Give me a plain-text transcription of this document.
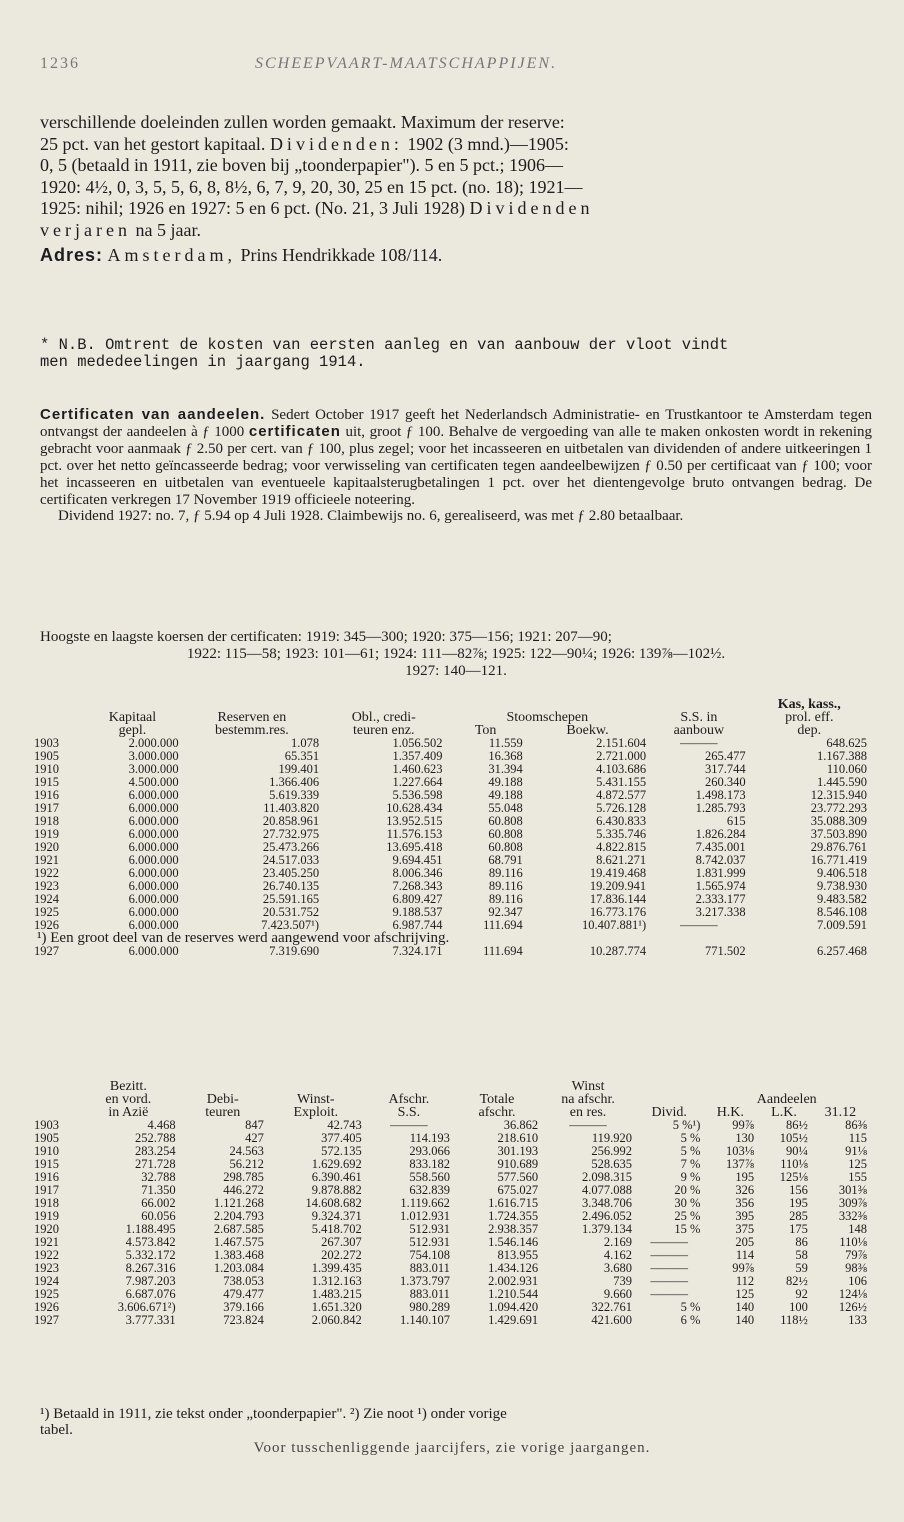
1236	SCHEEPVAART-MAATSCHAPPIJEN.
verschillende doeleinden zullen worden gemaakt. Maximum der reserve:
25 pct. van het gestort kapitaal. Dividenden: 1902 (3 mnd.)—1905:
0, 5 (betaald in 1911, zie boven bij „toonderpapier"). 5 en 5 pct.; 1906—
1920: 4½, 0, 3, 5, 5, 6, 8, 8½, 6, 7, 9, 20, 30, 25 en 15 pct. (no. 18); 1921—
1925: nihil; 1926 en 1927: 5 en 6 pct. (No. 21, 3 Juli 1928) Dividenden
verjaren na 5 jaar.
Adres: Amsterdam, Prins Hendrikkade 108/114.
* N.B. Omtrent de kosten van eersten aanleg en van aanbouw der vloot vindt
men mededeelingen in jaargang 1914.
Certificaten van aandeelen. Sedert October 1917 geeft het Nederlandsch Administratie- en Trustkantoor te Amsterdam tegen ontvangst der aandeelen à ƒ 1000 certificaten uit, groot ƒ 100. Behalve de vergoeding van alle te maken onkosten wordt in rekening gebracht voor aanmaak ƒ 2.50 per cert. van ƒ 100, plus zegel; voor het incasseeren en uitbetalen van dividenden of andere uitkeeringen 1 pct. over het netto geïncasseerde bedrag; voor verwisseling van certificaten tegen aandeelbewijzen ƒ 0.50 per certificaat van ƒ 100; voor het incasseeren en uitbetalen van eventueele kapitaalsterugbetalingen 1 pct. over het dientengevolge bruto ontvangen bedrag. De certificaten verkregen 17 November 1919 officieele noteering.
Dividend 1927: no. 7, ƒ 5.94 op 4 Juli 1928. Claimbewijs no. 6, gerealiseerd, was met ƒ 2.80 betaalbaar.
Hoogste en laagste koersen der certificaten: 1919: 345—300; 1920: 375—156; 1921: 207—90;
1922: 115—58; 1923: 101—61; 1924: 111—82⅞; 1925: 122—90¼; 1926: 139⅞—102½.
1927: 140—121.
							Kas, kass.,
	Kapitaal	Reserven en	Obl., credi-	Stoomschepen		S.S. in	prol. eff.
	gepl.	bestemm.res.	teuren enz.	Ton	Boekw.	aanbouw	dep.
1903	2.000.000	1.078	1.056.502	11.559	2.151.604	———	648.625
1905	3.000.000	65.351	1.357.409	16.368	2.721.000	265.477	1.167.388
1910	3.000.000	199.401	1.460.623	31.394	4.103.686	317.744	110.060
1915	4.500.000	1.366.406	1.227.664	49.188	5.431.155	260.340	1.445.590
1916	6.000.000	5.619.339	5.536.598	49.188	4.872.577	1.498.173	12.315.940
1917	6.000.000	11.403.820	10.628.434	55.048	5.726.128	1.285.793	23.772.293
1918	6.000.000	20.858.961	13.952.515	60.808	6.430.833	615	35.088.309
1919	6.000.000	27.732.975	11.576.153	60.808	5.335.746	1.826.284	37.503.890
1920	6.000.000	25.473.266	13.695.418	60.808	4.822.815	7.435.001	29.876.761
1921	6.000.000	24.517.033	9.694.451	68.791	8.621.271	8.742.037	16.771.419
1922	6.000.000	23.405.250	8.006.346	89.116	19.419.468	1.831.999	9.406.518
1923	6.000.000	26.740.135	7.268.343	89.116	19.209.941	1.565.974	9.738.930
1924	6.000.000	25.591.165	6.809.427	89.116	17.836.144	2.333.177	9.483.582
1925	6.000.000	20.531.752	9.188.537	92.347	16.773.176	3.217.338	8.546.108
1926	6.000.000	7.423.507¹)	6.987.744	111.694	10.407.881¹)	———	7.009.591
¹) Een groot deel van de reserves werd aangewend voor afschrijving.							
1927	6.000.000	7.319.690	7.324.171	111.694	10.287.774	771.502	6.257.468
	Bezitt.					Winst				
	en vord.	Debi-	Winst-	Afschr.	Totale	na afschr.		Aandeelen		
	in Azië	teuren	Exploit.	S.S.	afschr.	en res.	Divid.	H.K.	L.K.	31.12
1903	4.468	847	42.743	———	36.862	———	5 %¹)	99⅞	86½	86⅜
1905	252.788	427	377.405	114.193	218.610	119.920	5 %	130	105½	115
1910	283.254	24.563	572.135	293.066	301.193	256.992	5 %	103⅛	90¼	91⅛
1915	271.728	56.212	1.629.692	833.182	910.689	528.635	7 %	137⅞	110⅛	125
1916	32.788	298.785	6.390.461	558.560	577.560	2.098.315	9 %	195	125⅛	155
1917	71.350	446.272	9.878.882	632.839	675.027	4.077.088	20 %	326	156	301⅜
1918	66.002	1.121.268	14.608.682	1.119.662	1.616.715	3.348.706	30 %	356	195	309⅞
1919	60.056	2.204.793	9.324.371	1.012.931	1.724.355	2.496.052	25 %	395	285	332⅜
1920	1.188.495	2.687.585	5.418.702	512.931	2.938.357	1.379.134	15 %	375	175	148
1921	4.573.842	1.467.575	267.307	512.931	1.546.146	2.169	———	205	86	110⅛
1922	5.332.172	1.383.468	202.272	754.108	813.955	4.162	———	114	58	79⅞
1923	8.267.316	1.203.084	1.399.435	883.011	1.434.126	3.680	———	99⅞	59	98⅜
1924	7.987.203	738.053	1.312.163	1.373.797	2.002.931	739	———	112	82½	106
1925	6.687.076	479.477	1.483.215	883.011	1.210.544	9.660	———	125	92	124⅛
1926	3.606.671²)	379.166	1.651.320	980.289	1.094.420	322.761	5 %	140	100	126½
1927	3.777.331	723.824	2.060.842	1.140.107	1.429.691	421.600	6 %	140	118½	133
¹) Betaald in 1911, zie tekst onder „toonderpapier". ²) Zie noot ¹) onder vorige
tabel.
Voor tusschenliggende jaarcijfers, zie vorige jaargangen.
